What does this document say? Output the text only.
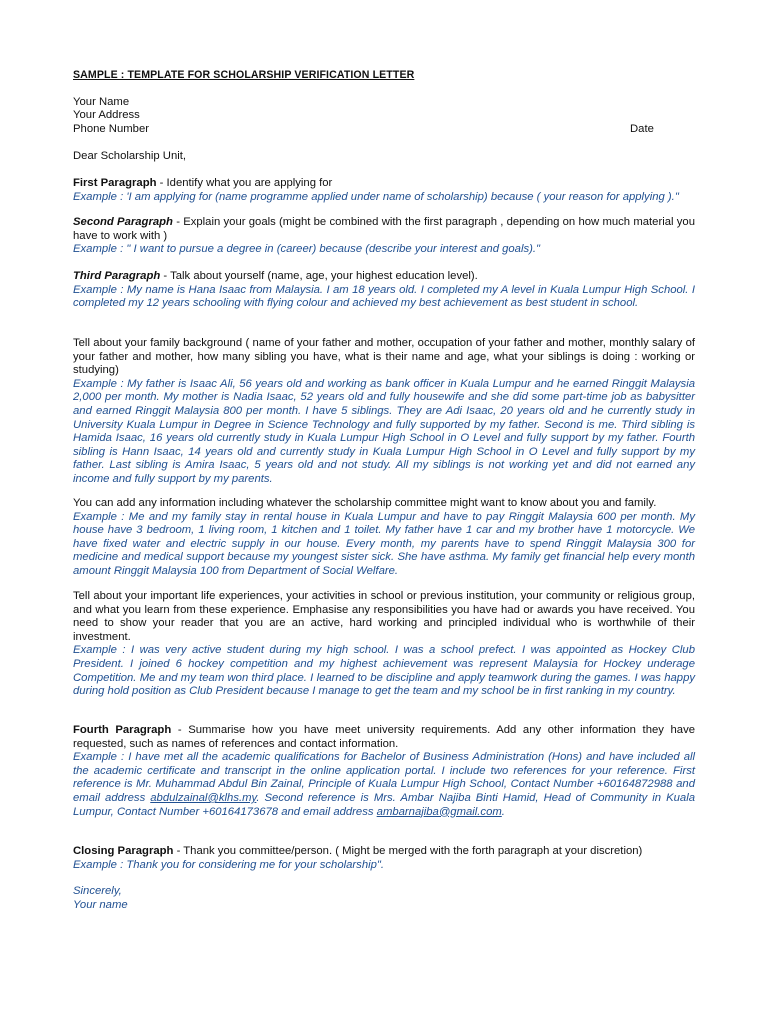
SAMPLE : TEMPLATE FOR SCHOLARSHIP VERIFICATION LETTER
Your Name
Your Address
Phone Number	Date
Dear Scholarship Unit,

First Paragraph - Identify what you are applying for

Example : 'I am applying for (name programme applied under name of scholarship) because ( your reason for applying )."

Second Paragraph - Explain your goals (might be combined with the first paragraph , depending on how much material you have to work with )

Example : " I want to pursue a degree in (career) because (describe your interest and goals)."

Third Paragraph - Talk about yourself (name, age, your highest education level).

Example : My name is Hana Isaac from Malaysia. I am 18 years old. I completed my A level in Kuala Lumpur High School. I completed my 12 years schooling with flying colour and achieved my best achievement as best student in school.

Tell about your family background ( name of your father and mother, occupation of your father and mother, monthly salary of your father and mother, how many sibling you have, what is their name and age, what your siblings is doing : working or studying)

Example : My father is Isaac Ali, 56 years old and working as bank officer in Kuala Lumpur and he earned Ringgit Malaysia 2,000 per month. My mother is Nadia Isaac, 52 years old and fully housewife and she did some part-time job as babysitter and earned Ringgit Malaysia 800 per month. I have 5 siblings. They are Adi Isaac, 20 years old and he currently study in University Kuala Lumpur in Degree in Science Technology and fully supported by my father. Second is me. Third sibling is Hamida Isaac, 16 years old currently study in Kuala Lumpur High School in O Level and fully support by my father. Fourth sibling is Hann Isaac, 14 years old and currently study in Kuala Lumpur High School in O Level and fully support by my father. Last sibling is Amira Isaac, 5 years old and not study. All my siblings is not working yet and did not earned any income and fully support by my parents.

You can add any information including whatever the scholarship committee might want to know about you and family.

Example : Me and my family stay in rental house in Kuala Lumpur and have to pay Ringgit Malaysia 600 per month. My house have 3 bedroom, 1 living room, 1 kitchen and 1 toilet. My father have 1 car and my brother have 1 motorcycle. We have fixed water and electric supply in our house. Every month, my parents have to spend Ringgit Malaysia 300 for medicine and medical support because my youngest sister sick. She have asthma. My family get financial help every month amount Ringgit Malaysia 100 from Department of Social Welfare.

Tell about your important life experiences, your activities in school or previous institution, your community or religious group, and what you learn from these experience. Emphasise any responsibilities you have had or awards you have received. You need to show your reader that you are an active, hard working and principled individual who is worthwhile of their investment.

Example : I was very active student during my high school. I was a school prefect. I was appointed as Hockey Club President. I joined 6 hockey competition and my highest achievement was represent Malaysia for Hockey underage Competition. Me and my team won third place. I learned to be discipline and apply teamwork during the games. I was happy during hold position as Club President because I manage to get the team and my school be in first ranking in my country.

Fourth Paragraph - Summarise how you have meet university requirements. Add any other information they have requested, such as names of references and contact information.

Example : I have met all the academic qualifications for Bachelor of Business Administration (Hons) and have included all the academic certificate and transcript in the online application portal. I include two references for your reference. First reference is Mr. Muhammad Abdul Bin Zainal, Principle of Kuala Lumpur High School, Contact Number +60164872988 and email address abdulzainal@klhs.my. Second reference is Mrs. Ambar Najiba Binti Hamid, Head of Community in Kuala Lumpur, Contact Number +60164173678 and email address ambarnajiba@gmail.com.

Closing Paragraph - Thank you committee/person. ( Might be merged with the forth paragraph at your discretion)

Example : Thank you for considering me for your scholarship".

Sincerely,

Your name
